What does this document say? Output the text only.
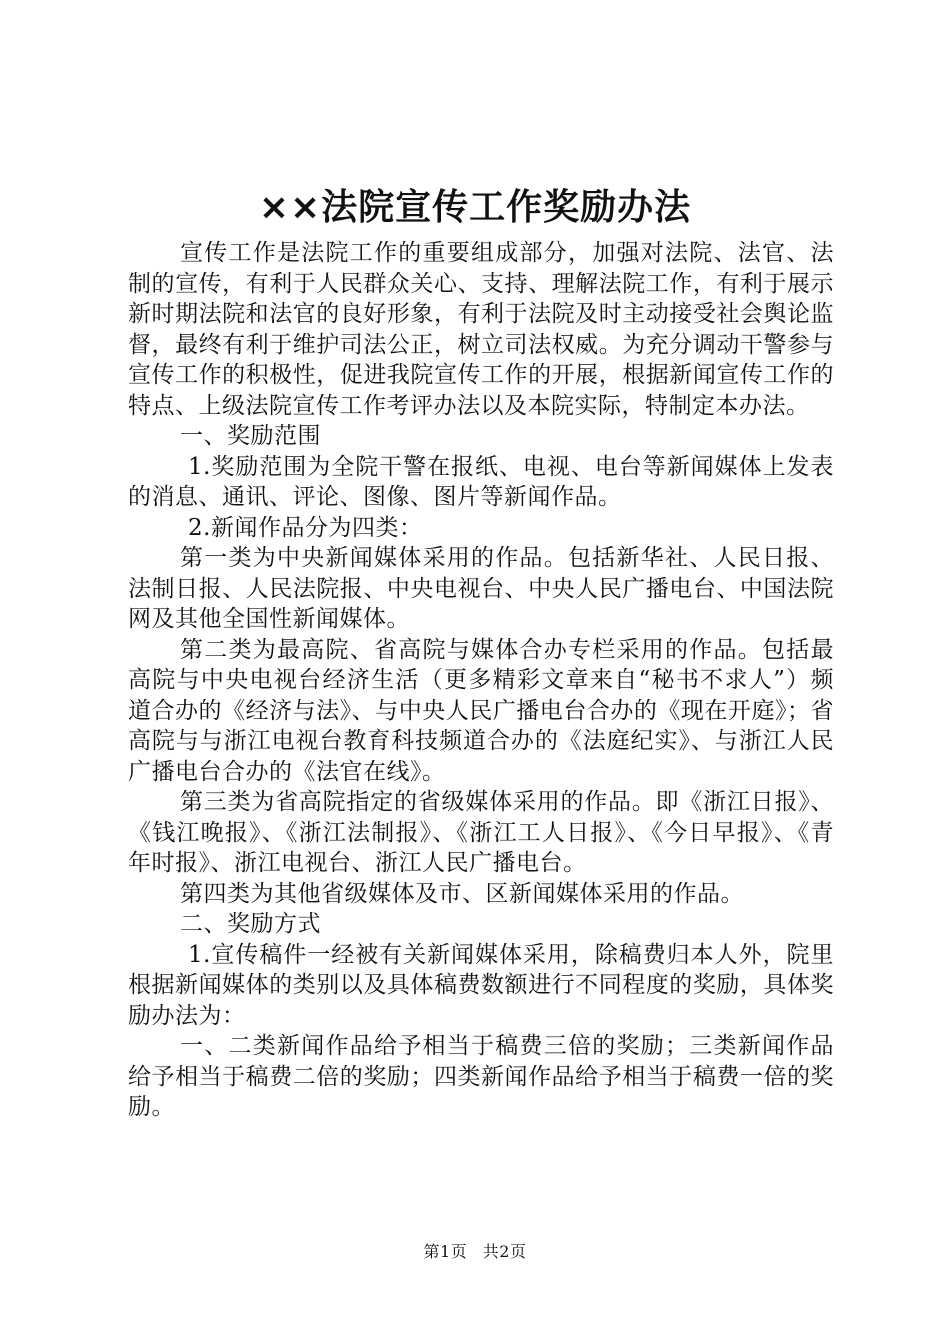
××法院宣传工作奖励办法

宣传工作是法院工作的重要组成部分，加强对法院、法官、法制的宣传，有利于人民群众关心、支持、理解法院工作，有利于展示新时期法院和法官的良好形象，有利于法院及时主动接受社会舆论监督，最终有利于维护司法公正，树立司法权威。为充分调动干警参与宣传工作的积极性，促进我院宣传工作的开展，根据新闻宣传工作的特点、上级法院宣传工作考评办法以及本院实际，特制定本办法。

一、奖励范围

1.奖励范围为全院干警在报纸、电视、电台等新闻媒体上发表的消息、通讯、评论、图像、图片等新闻作品。

2.新闻作品分为四类：

第一类为中央新闻媒体采用的作品。包括新华社、人民日报、法制日报、人民法院报、中央电视台、中央人民广播电台、中国法院网及其他全国性新闻媒体。

第二类为最高院、省高院与媒体合办专栏采用的作品。包括最高院与中央电视台经济生活（更多精彩文章来自“秘书不求人”）频道合办的《经济与法》、与中央人民广播电台合办的《现在开庭》；省高院与与浙江电视台教育科技频道合办的《法庭纪实》、与浙江人民广播电台合办的《法官在线》。

第三类为省高院指定的省级媒体采用的作品。即《浙江日报》、《钱江晚报》、《浙江法制报》、《浙江工人日报》、《今日早报》、《青年时报》、浙江电视台、浙江人民广播电台。

第四类为其他省级媒体及市、区新闻媒体采用的作品。

二、奖励方式

1.宣传稿件一经被有关新闻媒体采用，除稿费归本人外，院里根据新闻媒体的类别以及具体稿费数额进行不同程度的奖励，具体奖励办法为：

一、二类新闻作品给予相当于稿费三倍的奖励；三类新闻作品给予相当于稿费二倍的奖励；四类新闻作品给予相当于稿费一倍的奖励。

第1页 共2页
